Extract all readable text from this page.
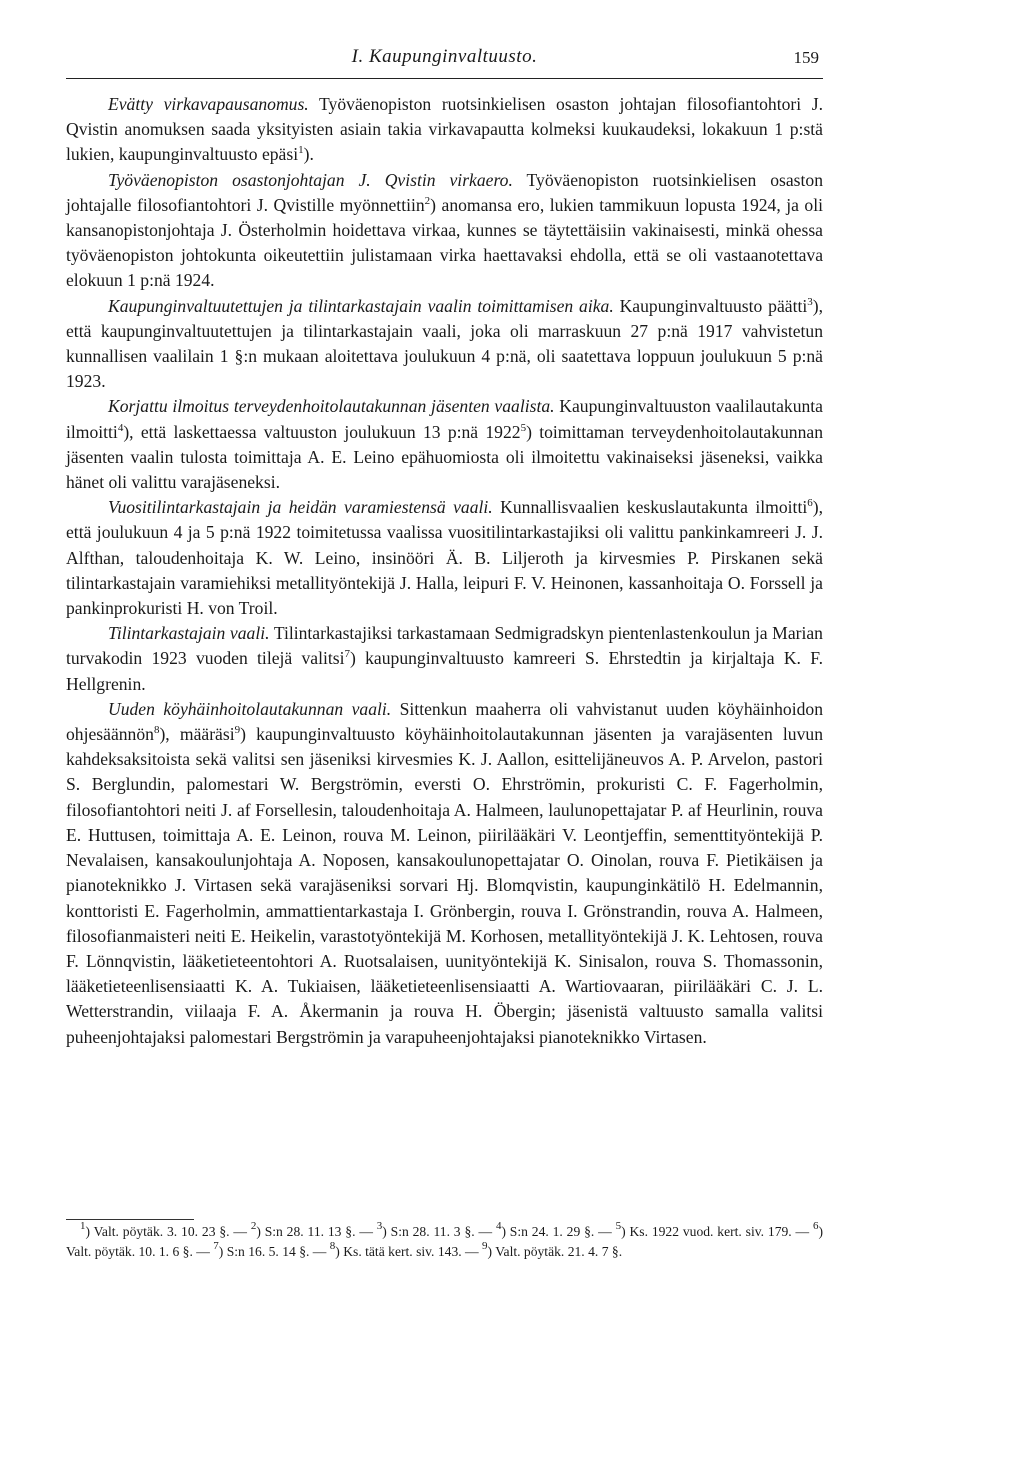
I. Kaupunginvaltuusto.	159

Evätty virkavapausanomus. Työväenopiston ruotsinkielisen osaston johtajan filosofiantohtori J. Qvistin anomuksen saada yksityisten asiain takia virkavapautta kolmeksi kuukaudeksi, lokakuun 1 p:stä lukien, kaupunginvaltuusto epäsi$^1$).

Työväenopiston osastonjohtajan J. Qvistin virkaero. Työväenopiston ruotsinkielisen osaston johtajalle filosofiantohtori J. Qvistille myönnettiin$^2$) anomansa ero, lukien tammikuun lopusta 1924, ja oli kansanopistonjohtaja J. Österholmin hoidettava virkaa, kunnes se täytettäisiin vakinaisesti, minkä ohessa työväenopiston johtokunta oikeutettiin julistamaan virka haettavaksi ehdolla, että se oli vastaanotettava elokuun 1 p:nä 1924.

Kaupunginvaltuutettujen ja tilintarkastajain vaalin toimittamisen aika. Kaupunginvaltuusto päätti$^3$), että kaupunginvaltuutettujen ja tilintarkastajain vaali, joka oli marraskuun 27 p:nä 1917 vahvistetun kunnallisen vaalilain 1 §:n mukaan aloitettava joulukuun 4 p:nä, oli saatettava loppuun joulukuun 5 p:nä 1923.

Korjattu ilmoitus terveydenhoitolautakunnan jäsenten vaalista. Kaupunginvaltuuston vaalilautakunta ilmoitti$^4$), että laskettaessa valtuuston joulukuun 13 p:nä 1922$^5$) toimittaman terveydenhoitolautakunnan jäsenten vaalin tulosta toimittaja A. E. Leino epähuomiosta oli ilmoitettu vakinaiseksi jäseneksi, vaikka hänet oli valittu varajäseneksi.

Vuositilintarkastajain ja heidän varamiestensä vaali. Kunnallisvaalien keskuslautakunta ilmoitti$^6$), että joulukuun 4 ja 5 p:nä 1922 toimitetussa vaalissa vuositilintarkastajiksi oli valittu pankinkamreeri J. J. Alfthan, taloudenhoitaja K. W. Leino, insinööri Ä. B. Liljeroth ja kirvesmies P. Pirskanen sekä tilintarkastajain varamiehiksi metallityöntekijä J. Halla, leipuri F. V. Heinonen, kassanhoitaja O. Forssell ja pankinprokuristi H. von Troil.

Tilintarkastajain vaali. Tilintarkastajiksi tarkastamaan Sedmigradskyn pientenlastenkoulun ja Marian turvakodin 1923 vuoden tilejä valitsi$^7$) kaupunginvaltuusto kamreeri S. Ehrstedtin ja kirjaltaja K. F. Hellgrenin.

Uuden köyhäinhoitolautakunnan vaali. Sittenkun maaherra oli vahvistanut uuden köyhäinhoidon ohjesäännön$^8$), määräsi$^9$) kaupunginvaltuusto köyhäinhoitolautakunnan jäsenten ja varajäsenten luvun kahdeksaksitoista sekä valitsi sen jäseniksi kirvesmies K. J. Aallon, esittelijäneuvos A. P. Arvelon, pastori S. Berglundin, palomestari W. Bergströmin, eversti O. Ehrströmin, prokuristi C. F. Fagerholmin, filosofiantohtori neiti J. af Forsellesin, taloudenhoitaja A. Halmeen, laulunopettajatar P. af Heurlinin, rouva E. Huttusen, toimittaja A. E. Leinon, rouva M. Leinon, piirilääkäri V. Leontjeffin, sementtityöntekijä P. Nevalaisen, kansakoulunjohtaja A. Noposen, kansakoulunopettajatar O. Oinolan, rouva F. Pietikäisen ja pianoteknikko J. Virtasen sekä varajäseniksi sorvari Hj. Blomqvistin, kaupunginkätilö H. Edelmannin, konttoristi E. Fagerholmin, ammattientarkastaja I. Grönbergin, rouva I. Grönstrandin, rouva A. Halmeen, filosofianmaisteri neiti E. Heikelin, varastotyöntekijä M. Korhosen, metallityöntekijä J. K. Lehtosen, rouva F. Lönnqvistin, lääketieteentohtori A. Ruotsalaisen, uunityöntekijä K. Sinisalon, rouva S. Thomassonin, lääketieteenlisensiaatti K. A. Tukiaisen, lääketieteenlisensiaatti A. Wartiovaaran, piirilääkäri C. J. L. Wetterstrandin, viilaaja F. A. Åkermanin ja rouva H. Öbergin; jäsenistä valtuusto samalla valitsi puheenjohtajaksi palomestari Bergströmin ja varapuheenjohtajaksi pianoteknikko Virtasen.

$^1$) Valt. pöytäk. 3. 10. 23 §. — $^2$) S:n 28. 11. 13 §. — $^3$) S:n 28. 11. 3 §. — $^4$) S:n 24. 1. 29 §. — $^5$) Ks. 1922 vuod. kert. siv. 179. — $^6$) Valt. pöytäk. 10. 1. 6 §. — $^7$) S:n 16. 5. 14 §. — $^8$) Ks. tätä kert. siv. 143. — $^9$) Valt. pöytäk. 21. 4. 7 §.
